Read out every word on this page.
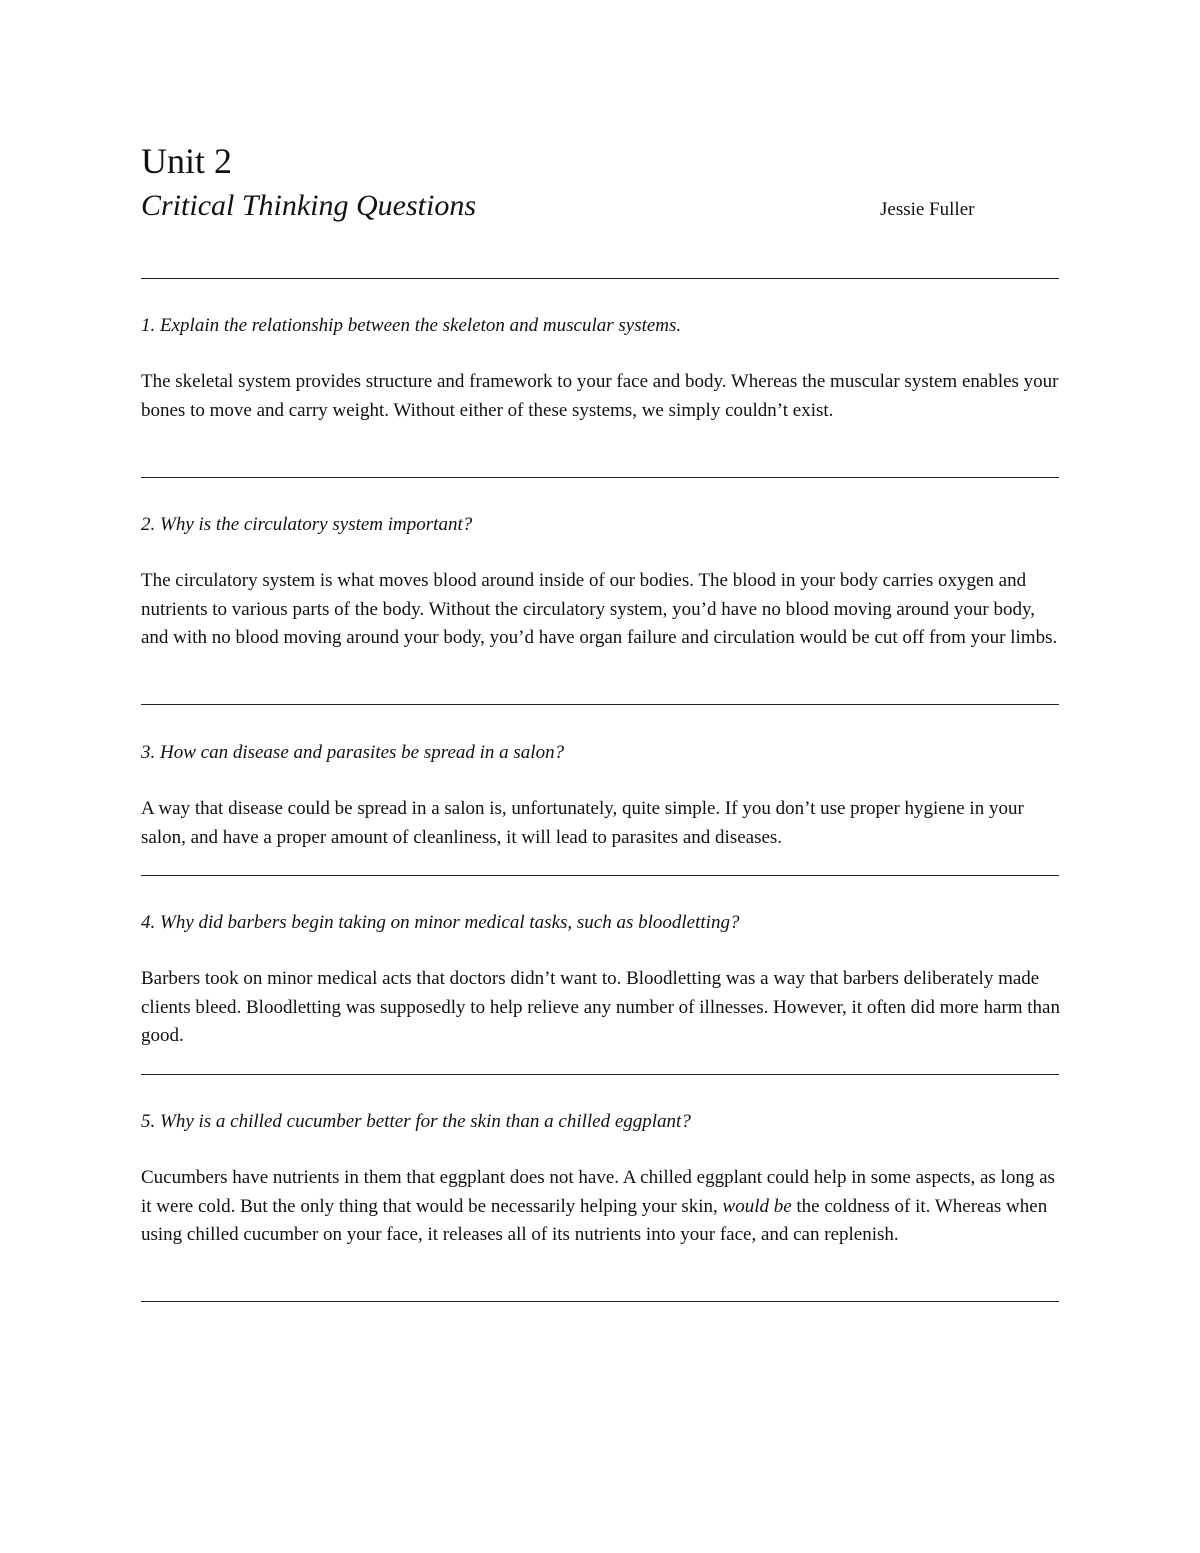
Unit 2
Critical Thinking Questions	Jessie Fuller

1. Explain the relationship between the skeleton and muscular systems.

The skeletal system provides structure and framework to your face and body. Whereas the muscular system enables your bones to move and carry weight. Without either of these systems, we simply couldn’t exist.

2. Why is the circulatory system important?

The circulatory system is what moves blood around inside of our bodies. The blood in your body carries oxygen and nutrients to various parts of the body. Without the circulatory system, you’d have no blood moving around your body, and with no blood moving around your body, you’d have organ failure and circulation would be cut off from your limbs.

3. How can disease and parasites be spread in a salon?

A way that disease could be spread in a salon is, unfortunately, quite simple. If you don’t use proper hygiene in your salon, and have a proper amount of cleanliness, it will lead to parasites and diseases.

4. Why did barbers begin taking on minor medical tasks, such as bloodletting?

Barbers took on minor medical acts that doctors didn’t want to. Bloodletting was a way that barbers deliberately made clients bleed. Bloodletting was supposedly to help relieve any number of illnesses. However, it often did more harm than good.

5. Why is a chilled cucumber better for the skin than a chilled eggplant?

Cucumbers have nutrients in them that eggplant does not have. A chilled eggplant could help in some aspects, as long as it were cold. But the only thing that would be necessarily helping your skin, would be the coldness of it. Whereas when using chilled cucumber on your face, it releases all of its nutrients into your face, and can replenish.
